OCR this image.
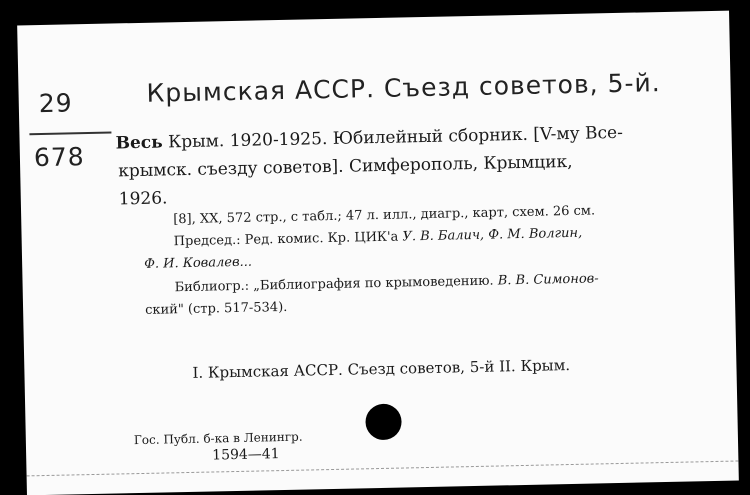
29
678
Крымская АССР. Съезд советов, 5-й.
Весь Крым. 1920-1925. Юбилейный сборник. [V-му Все-
крымск. съезду советов]. Симферополь, Крымцик,
1926.
[8], XX, 572 стр., с табл.; 47 л. илл., диагр., карт, схем. 26 см.
Председ.: Ред. комис. Кр. ЦИК'а У. В. Балич, Ф. М. Волгин,
Ф. И. Ковалев...
Библиогр.: „Библиография по крымоведению. В. В. Симонов-
ский" (стр. 517-534).
I. Крымская АССР. Съезд советов, 5-й II. Крым.
Гос. Публ. б-ка в Ленингр.
1594—41
